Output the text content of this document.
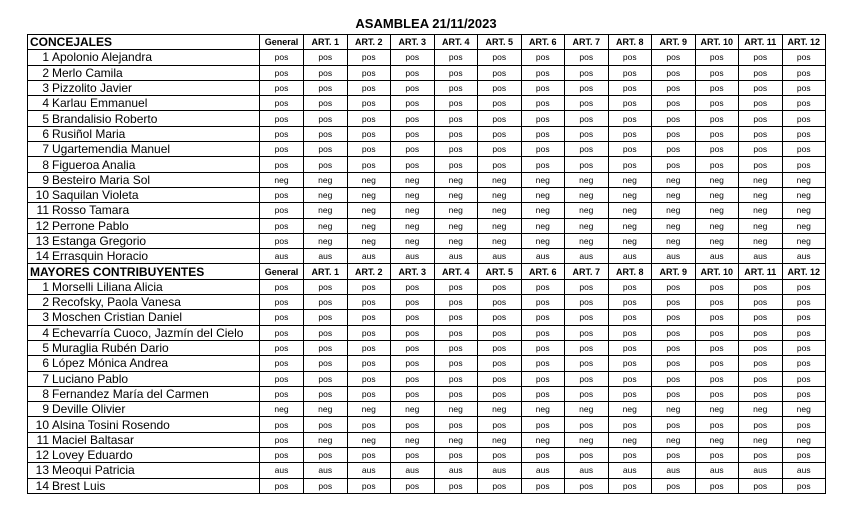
ASAMBLEA 21/11/2023
CONCEJALES		General	ART. 1	ART. 2	ART. 3	ART. 4	ART. 5	ART. 6	ART. 7	ART. 8	ART. 9	ART. 10	ART. 11	ART. 12
1	Apolonio Alejandra	pos	pos	pos	pos	pos	pos	pos	pos	pos	pos	pos	pos	pos
2	Merlo Camila	pos	pos	pos	pos	pos	pos	pos	pos	pos	pos	pos	pos	pos
3	Pizzolito Javier	pos	pos	pos	pos	pos	pos	pos	pos	pos	pos	pos	pos	pos
4	Karlau Emmanuel	pos	pos	pos	pos	pos	pos	pos	pos	pos	pos	pos	pos	pos
5	Brandalisio Roberto	pos	pos	pos	pos	pos	pos	pos	pos	pos	pos	pos	pos	pos
6	Rusiñol Maria	pos	pos	pos	pos	pos	pos	pos	pos	pos	pos	pos	pos	pos
7	Ugartemendia Manuel	pos	pos	pos	pos	pos	pos	pos	pos	pos	pos	pos	pos	pos
8	Figueroa Analia	pos	pos	pos	pos	pos	pos	pos	pos	pos	pos	pos	pos	pos
9	Besteiro Maria Sol	neg	neg	neg	neg	neg	neg	neg	neg	neg	neg	neg	neg	neg
10	Saquilan Violeta	pos	neg	neg	neg	neg	neg	neg	neg	neg	neg	neg	neg	neg
11	Rosso Tamara	pos	neg	neg	neg	neg	neg	neg	neg	neg	neg	neg	neg	neg
12	Perrone Pablo	pos	neg	neg	neg	neg	neg	neg	neg	neg	neg	neg	neg	neg
13	Estanga Gregorio	pos	neg	neg	neg	neg	neg	neg	neg	neg	neg	neg	neg	neg
14	Errasquin Horacio	aus	aus	aus	aus	aus	aus	aus	aus	aus	aus	aus	aus	aus
MAYORES CONTRIBUYENTES		General	ART. 1	ART. 2	ART. 3	ART. 4	ART. 5	ART. 6	ART. 7	ART. 8	ART. 9	ART. 10	ART. 11	ART. 12
1	Morselli Liliana Alicia	pos	pos	pos	pos	pos	pos	pos	pos	pos	pos	pos	pos	pos
2	Recofsky, Paola Vanesa	pos	pos	pos	pos	pos	pos	pos	pos	pos	pos	pos	pos	pos
3	Moschen Cristian Daniel	pos	pos	pos	pos	pos	pos	pos	pos	pos	pos	pos	pos	pos
4	Echevarría Cuoco, Jazmín del Cielo	pos	pos	pos	pos	pos	pos	pos	pos	pos	pos	pos	pos	pos
5	Muraglia Rubén Dario	pos	pos	pos	pos	pos	pos	pos	pos	pos	pos	pos	pos	pos
6	López Mónica Andrea	pos	pos	pos	pos	pos	pos	pos	pos	pos	pos	pos	pos	pos
7	Luciano Pablo	pos	pos	pos	pos	pos	pos	pos	pos	pos	pos	pos	pos	pos
8	Fernandez María del Carmen	pos	pos	pos	pos	pos	pos	pos	pos	pos	pos	pos	pos	pos
9	Deville Olivier	neg	neg	neg	neg	neg	neg	neg	neg	neg	neg	neg	neg	neg
10	Alsina Tosini Rosendo	pos	pos	pos	pos	pos	pos	pos	pos	pos	pos	pos	pos	pos
11	Maciel Baltasar	pos	neg	neg	neg	neg	neg	neg	neg	neg	neg	neg	neg	neg
12	Lovey Eduardo	pos	pos	pos	pos	pos	pos	pos	pos	pos	pos	pos	pos	pos
13	Meoqui Patricia	aus	aus	aus	aus	aus	aus	aus	aus	aus	aus	aus	aus	aus
14	Brest Luis	pos	pos	pos	pos	pos	pos	pos	pos	pos	pos	pos	pos	pos
